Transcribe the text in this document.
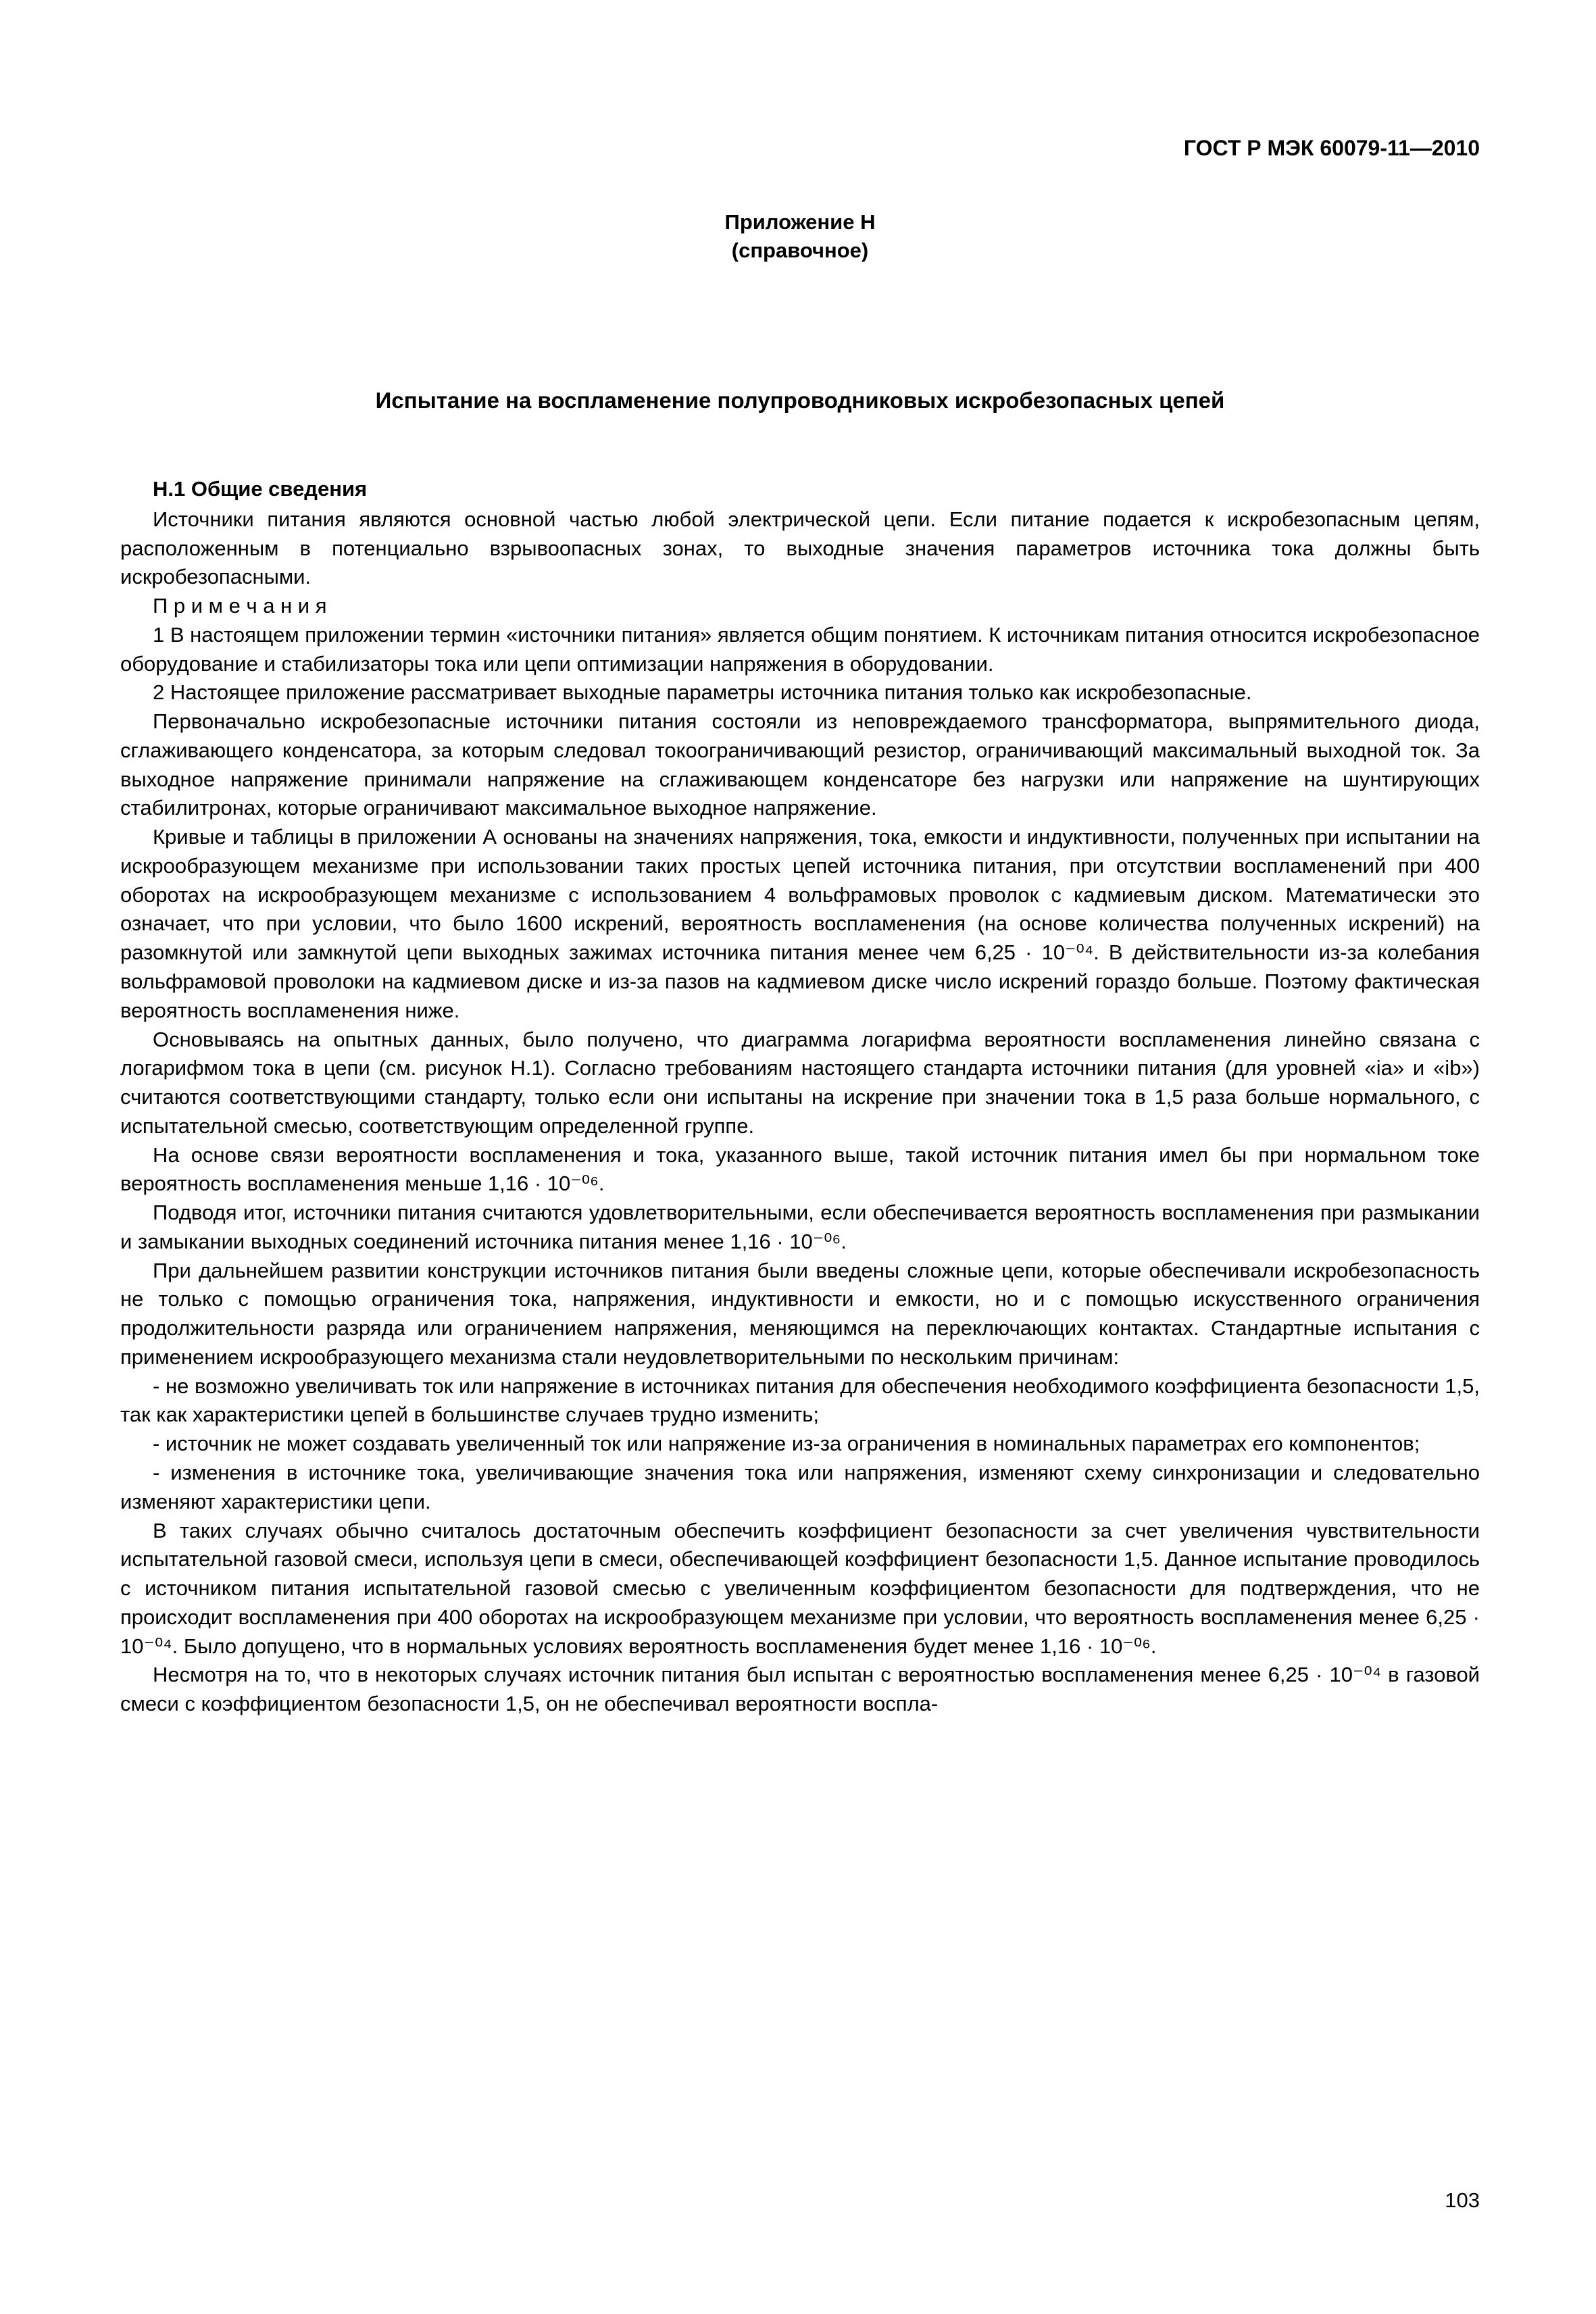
ГОСТ Р МЭК 60079-11—2010
Приложение Н
(справочное)
Испытание на воспламенение полупроводниковых искробезопасных цепей
Н.1 Общие сведения

Источники питания являются основной частью любой электрической цепи. Если питание подается к искробезопасным цепям, расположенным в потенциально взрывоопасных зонах, то выходные значения параметров источника тока должны быть искробезопасными.

П р и м е ч а н и я

1 В настоящем приложении термин «источники питания» является общим понятием. К источникам питания относится искробезопасное оборудование и стабилизаторы тока или цепи оптимизации напряжения в оборудовании.

2 Настоящее приложение рассматривает выходные параметры источника питания только как искробезопасные.

Первоначально искробезопасные источники питания состояли из неповреждаемого трансформатора, выпрямительного диода, сглаживающего конденсатора, за которым следовал токоограничивающий резистор, ограничивающий максимальный выходной ток. За выходное напряжение принимали напряжение на сглаживающем конденсаторе без нагрузки или напряжение на шунтирующих стабилитронах, которые ограничивают максимальное выходное напряжение.

Кривые и таблицы в приложении А основаны на значениях напряжения, тока, емкости и индуктивности, полученных при испытании на искрообразующем механизме при использовании таких простых цепей источника питания, при отсутствии воспламенений при 400 оборотах на искрообразующем механизме с использованием 4 вольфрамовых проволок с кадмиевым диском. Математически это означает, что при условии, что было 1600 искрений, вероятность воспламенения (на основе количества полученных искрений) на разомкнутой или замкнутой цепи выходных зажимах источника питания менее чем 6,25 · 10⁻⁰⁴. В действительности из-за колебания вольфрамовой проволоки на кадмиевом диске и из-за пазов на кадмиевом диске число искрений гораздо больше. Поэтому фактическая вероятность воспламенения ниже.

Основываясь на опытных данных, было получено, что диаграмма логарифма вероятности воспламенения линейно связана с логарифмом тока в цепи (см. рисунок Н.1). Согласно требованиям настоящего стандарта источники питания (для уровней «ia» и «ib») считаются соответствующими стандарту, только если они испытаны на искрение при значении тока в 1,5 раза больше нормального, с испытательной смесью, соответствующим определенной группе.

На основе связи вероятности воспламенения и тока, указанного выше, такой источник питания имел бы при нормальном токе вероятность воспламенения меньше 1,16 · 10⁻⁰⁶.

Подводя итог, источники питания считаются удовлетворительными, если обеспечивается вероятность воспламенения при размыкании и замыкании выходных соединений источника питания менее 1,16 · 10⁻⁰⁶.

При дальнейшем развитии конструкции источников питания были введены сложные цепи, которые обеспечивали искробезопасность не только с помощью ограничения тока, напряжения, индуктивности и емкости, но и с помощью искусственного ограничения продолжительности разряда или ограничением напряжения, меняющимся на переключающих контактах. Стандартные испытания с применением искрообразующего механизма стали неудовлетворительными по нескольким причинам:

- не возможно увеличивать ток или напряжение в источниках питания для обеспечения необходимого коэффициента безопасности 1,5, так как характеристики цепей в большинстве случаев трудно изменить;

- источник не может создавать увеличенный ток или напряжение из-за ограничения в номинальных параметрах его компонентов;

- изменения в источнике тока, увеличивающие значения тока или напряжения, изменяют схему синхронизации и следовательно изменяют характеристики цепи.

В таких случаях обычно считалось достаточным обеспечить коэффициент безопасности за счет увеличения чувствительности испытательной газовой смеси, используя цепи в смеси, обеспечивающей коэффициент безопасности 1,5. Данное испытание проводилось с источником питания испытательной газовой смесью с увеличенным коэффициентом безопасности для подтверждения, что не происходит воспламенения при 400 оборотах на искрообразующем механизме при условии, что вероятность воспламенения менее 6,25 · 10⁻⁰⁴. Было допущено, что в нормальных условиях вероятность воспламенения будет менее 1,16 · 10⁻⁰⁶.

Несмотря на то, что в некоторых случаях источник питания был испытан с вероятностью воспламенения менее 6,25 · 10⁻⁰⁴ в газовой смеси с коэффициентом безопасности 1,5, он не обеспечивал вероятности воспла-

103
